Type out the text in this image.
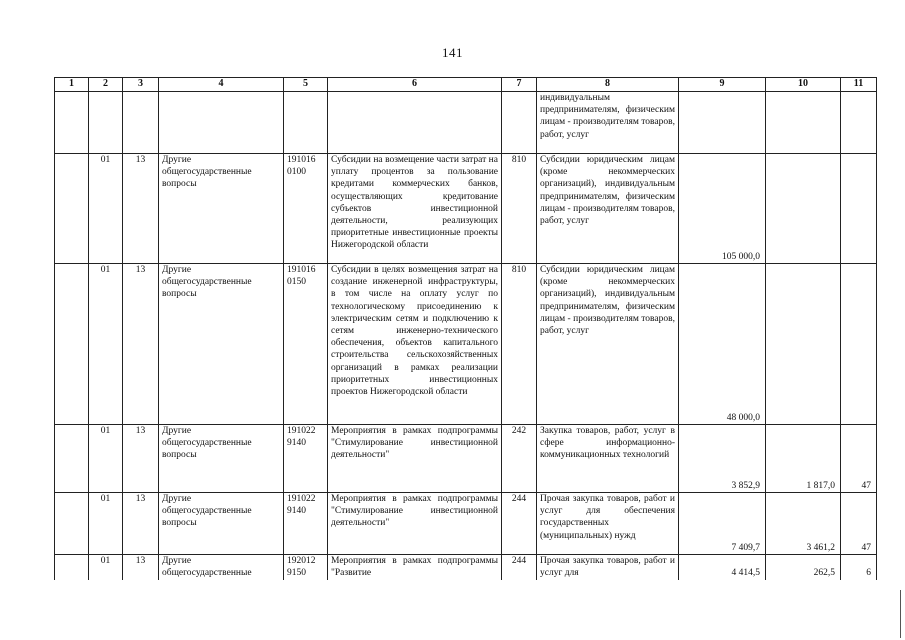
141
1	2	3	4	5	6	7	8	9	10	11
							индивидуальным предпринимателям, физическим лицам - производителям товаров, работ, услуг			
	01	13	Другие общегосударственные вопросы	191016 0100	Субсидии на возмещение части затрат на уплату процентов за пользование кредитами коммерческих банков, осуществляющих кредитование субъектов инвестиционной деятельности, реализующих приоритетные инвестиционные проекты Нижегородской области	810	Субсидии юридическим лицам (кроме некоммерческих организаций), индивидуальным предпринимателям, физическим лицам - производителям товаров, работ, услуг	105 000,0		
	01	13	Другие общегосударственные вопросы	191016 0150	Субсидии в целях возмещения затрат на создание инженерной инфраструктуры, в том числе на оплату услуг по технологическому присоединению к электрическим сетям и подключению к сетям инженерно-технического обеспечения, объектов капитального строительства сельскохозяйственных организаций в рамках реализации приоритетных инвестиционных проектов Нижегородской области	810	Субсидии юридическим лицам (кроме некоммерческих организаций), индивидуальным предпринимателям, физическим лицам - производителям товаров, работ, услуг	48 000,0		
	01	13	Другие общегосударственные вопросы	191022 9140	Мероприятия в рамках подпрограммы "Стимулирование инвестиционной деятельности"	242	Закупка товаров, работ, услуг в сфере информационно-коммуникационных технологий	3 852,9	1 817,0	47
	01	13	Другие общегосударственные вопросы	191022 9140	Мероприятия в рамках подпрограммы "Стимулирование инвестиционной деятельности"	244	Прочая закупка товаров, работ и услуг для обеспечения государственных (муниципальных) нужд	7 409,7	3 461,2	47
	01	13	Другие общегосударственные	192012 9150	Мероприятия в рамках подпрограммы "Развитие	244	Прочая закупка товаров, работ и услуг для	4 414,5	262,5	6
